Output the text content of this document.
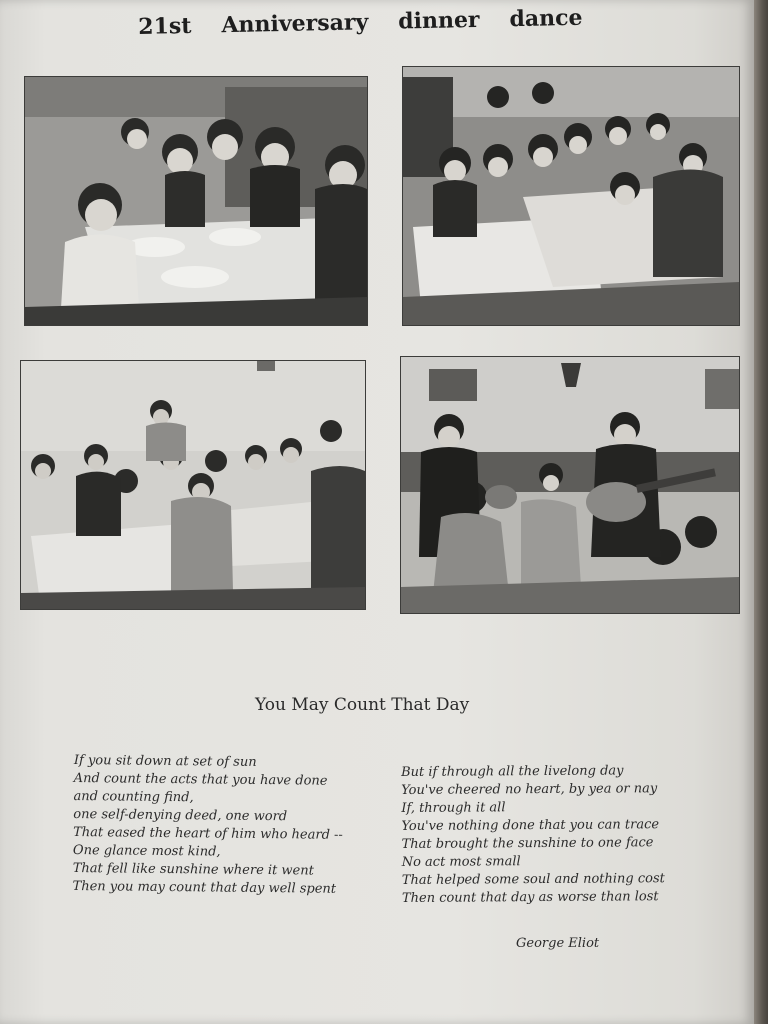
21st Anniversary dinner dance
You May Count That Day
If you sit down at set of sun
And count the acts that you have done
and counting find,
one self-denying deed, one word
That eased the heart of him who heard --
One glance most kind,
That fell like sunshine where it went
Then you may count that day well spent
But if through all the livelong day
You've cheered no heart, by yea or nay
If, through it all
You've nothing done that you can trace
That brought the sunshine to one face
No act most small
That helped some soul and nothing cost
Then count that day as worse than lost
George Eliot
